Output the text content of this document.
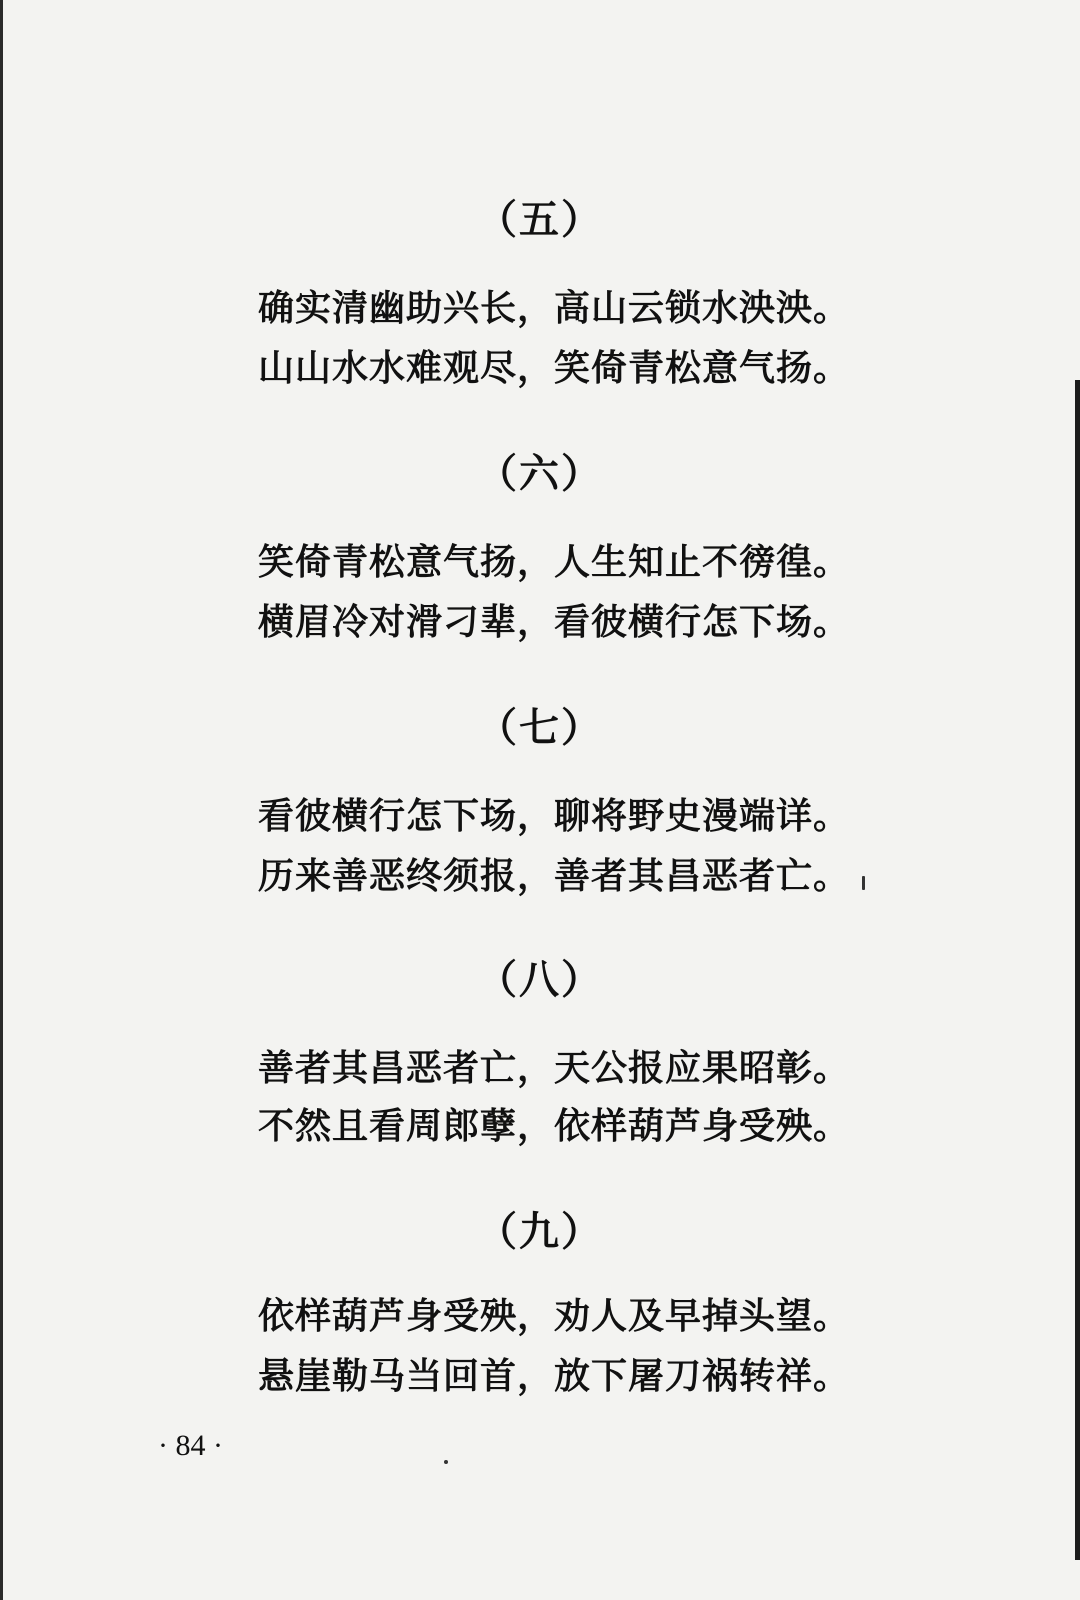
（五）
确实清幽助兴长，高山云锁水泱泱。
山山水水难观尽，笑倚青松意气扬。
（六）
笑倚青松意气扬，人生知止不徬徨。
横眉冷对滑刁辈，看彼横行怎下场。
（七）
看彼横行怎下场，聊将野史漫端详。
历来善恶终须报，善者其昌恶者亡。
（八）
善者其昌恶者亡，天公报应果昭彰。
不然且看周郎孽，依样葫芦身受殃。
（九）
依样葫芦身受殃，劝人及早掉头望。
悬崖勒马当回首，放下屠刀祸转祥。
· 84 ·
